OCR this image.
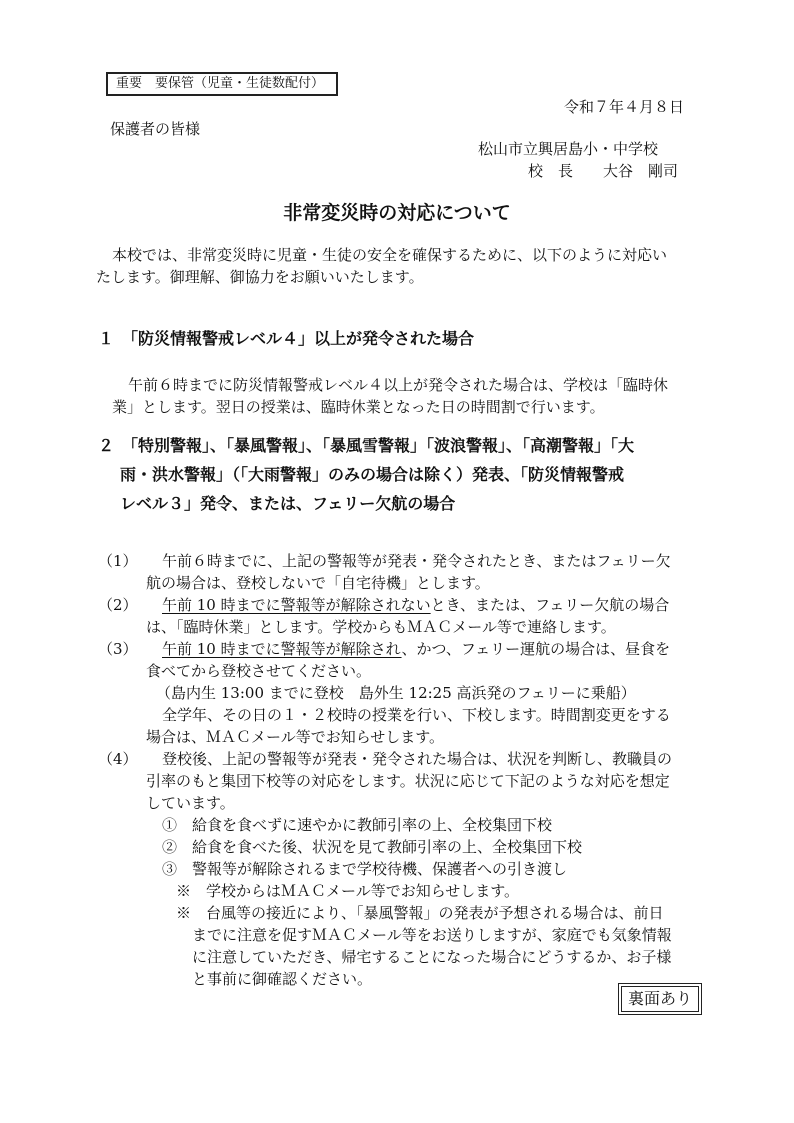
重要　要保管（児童・生徒数配付）
令和７年４月８日
保護者の皆様
松山市立興居島小・中学校
校　長　　大谷　剛司
非常変災時の対応について
本校では、非常変災時に児童・生徒の安全を確保するために、以下のように対応い
たします。御理解、御協力をお願いいたします。
１　「防災情報警戒レベル４」以上が発令された場合
午前６時までに防災情報警戒レベル４以上が発令された場合は、学校は「臨時休
業」とします。翌日の授業は、臨時休業となった日の時間割で行います。
２　「特別警報」、「暴風警報」、「暴風雪警報」「波浪警報」、「高潮警報」「大
雨・洪水警報」（「大雨警報」のみの場合は除く）発表、「防災情報警戒
レベル３」発令、または、フェリー欠航の場合
（1） 午前６時までに、上記の警報等が発表・発令されたとき、またはフェリー欠
航の場合は、登校しないで「自宅待機」とします。
（2） 午前 10 時までに警報等が解除されないとき、または、フェリー欠航の場合
は、「臨時休業」とします。学校からもＭＡＣメール等で連絡します。
（3） 午前 10 時までに警報等が解除され、かつ、フェリー運航の場合は、昼食を
食べてから登校させてください。
（島内生 13:00 までに登校　島外生 12:25 高浜発のフェリーに乗船）
全学年、その日の１・２校時の授業を行い、下校します。時間割変更をする
場合は、ＭＡＣメール等でお知らせします。
（4） 登校後、上記の警報等が発表・発令された場合は、状況を判断し、教職員の
引率のもと集団下校等の対応をします。状況に応じて下記のような対応を想定
しています。
①　給食を食べずに速やかに教師引率の上、全校集団下校
②　給食を食べた後、状況を見て教師引率の上、全校集団下校
③　警報等が解除されるまで学校待機、保護者への引き渡し
※　学校からはＭＡＣメール等でお知らせします。
※　台風等の接近により、「暴風警報」の発表が予想される場合は、前日
までに注意を促すＭＡＣメール等をお送りしますが、家庭でも気象情報
に注意していただき、帰宅することになった場合にどうするか、お子様
と事前に御確認ください。
裏面あり
